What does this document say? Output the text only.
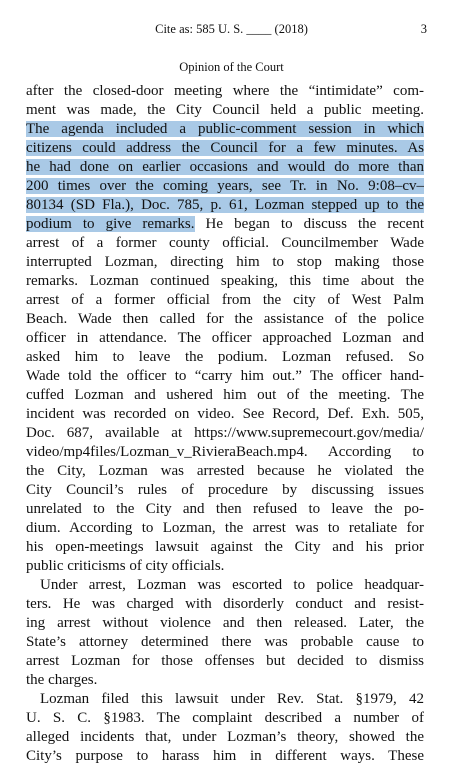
Cite as: 585 U. S. ____ (2018)	3
Opinion of the Court
after the closed-door meeting where the “intimidate” com-
ment was made, the City Council held a public meeting.
The agenda included a public-comment session in which
citizens could address the Council for a few minutes. As
he had done on earlier occasions and would do more than
200 times over the coming years, see Tr. in No. 9:08–cv–
80134 (SD Fla.), Doc. 785, p. 61, Lozman stepped up to the
podium to give remarks. He began to discuss the recent
arrest of a former county official. Councilmember Wade
interrupted Lozman, directing him to stop making those
remarks. Lozman continued speaking, this time about the
arrest of a former official from the city of West Palm
Beach. Wade then called for the assistance of the police
officer in attendance. The officer approached Lozman and
asked him to leave the podium. Lozman refused. So
Wade told the officer to “carry him out.” The officer hand-
cuffed Lozman and ushered him out of the meeting. The
incident was recorded on video. See Record, Def. Exh. 505,
Doc. 687, available at https://www.supremecourt.gov/media/
video/mp4files/Lozman_v_RivieraBeach.mp4. According to
the City, Lozman was arrested because he violated the
City Council’s rules of procedure by discussing issues
unrelated to the City and then refused to leave the po-
dium. According to Lozman, the arrest was to retaliate for
his open-meetings lawsuit against the City and his prior
public criticisms of city officials.
Under arrest, Lozman was escorted to police headquar-
ters. He was charged with disorderly conduct and resist-
ing arrest without violence and then released. Later, the
State’s attorney determined there was probable cause to
arrest Lozman for those offenses but decided to dismiss
the charges.
Lozman filed this lawsuit under Rev. Stat. §1979, 42
U. S. C. §1983. The complaint described a number of
alleged incidents that, under Lozman’s theory, showed the
City’s purpose to harass him in different ways. These
